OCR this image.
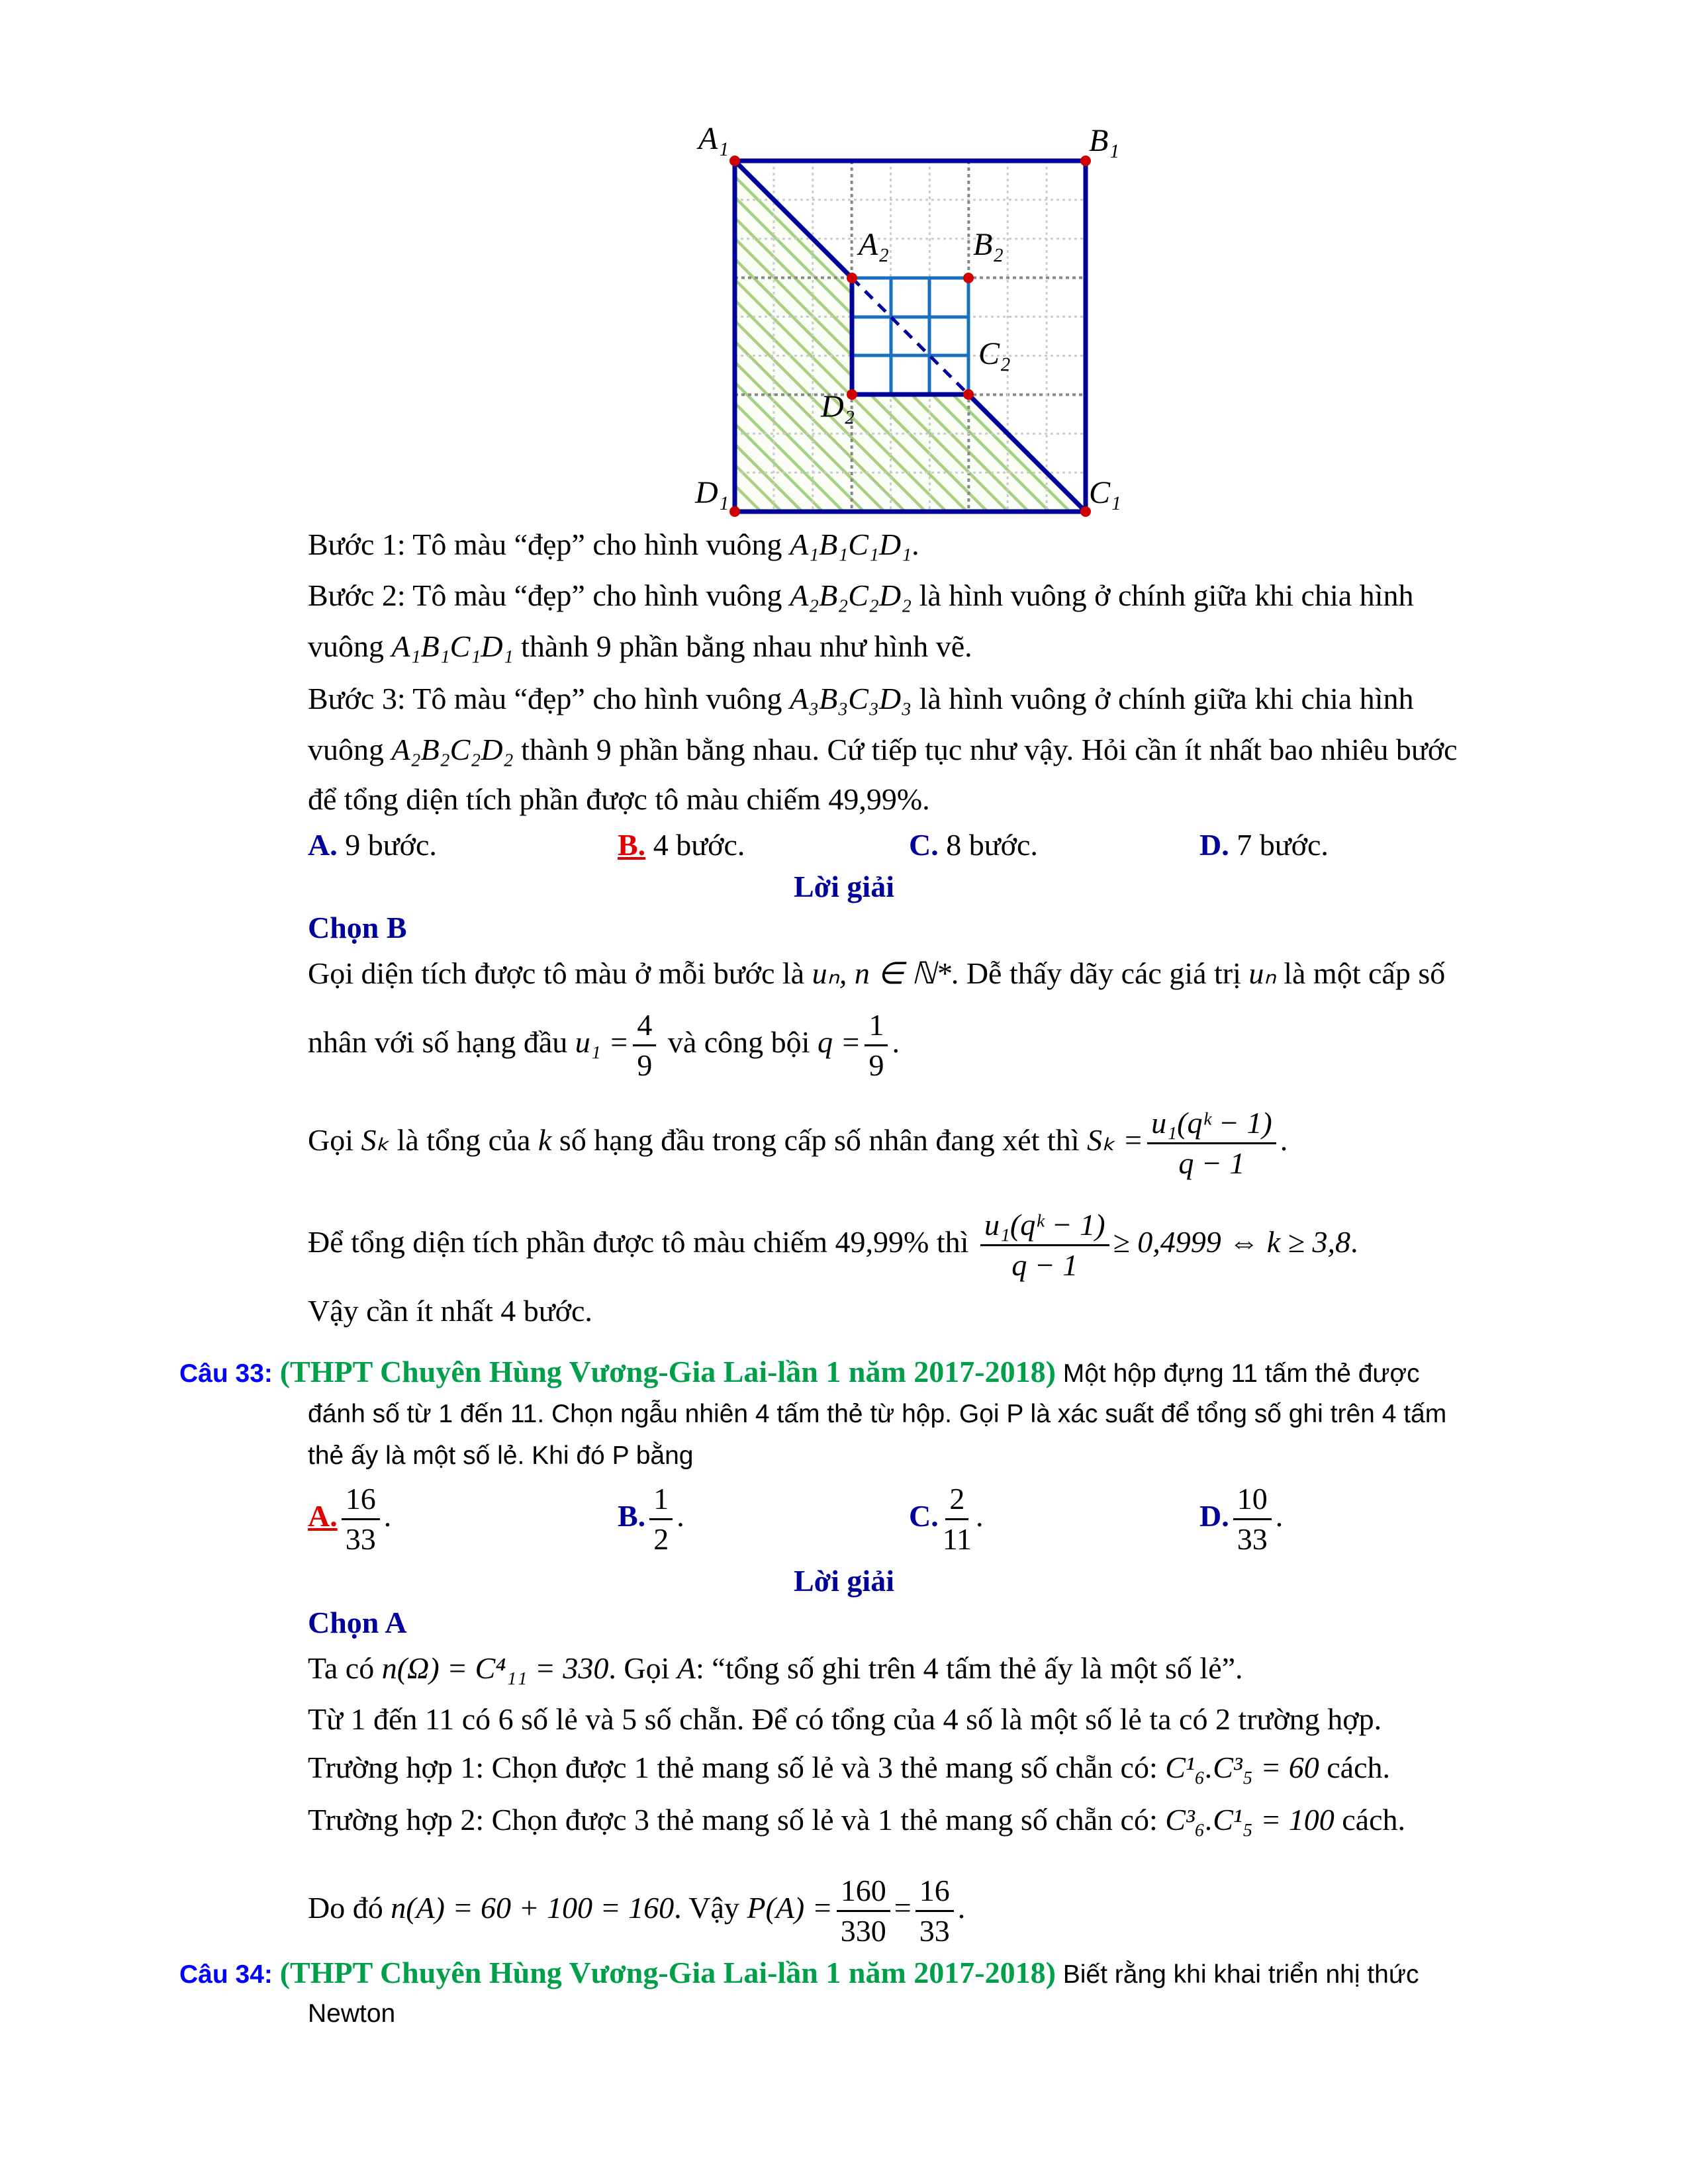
A₁	B₁
C₁
D₁
A₂	B₂
C₂
D₂
Bước 1: Tô màu “đẹp” cho hình vuông A₁B₁C₁D₁.
Bước 2: Tô màu “đẹp” cho hình vuông A₂B₂C₂D₂ là hình vuông ở chính giữa khi chia hình
vuông A₁B₁C₁D₁ thành 9 phần bằng nhau như hình vẽ.
Bước 3: Tô màu “đẹp” cho hình vuông A₃B₃C₃D₃ là hình vuông ở chính giữa khi chia hình
vuông A₂B₂C₂D₂ thành 9 phần bằng nhau. Cứ tiếp tục như vậy. Hỏi cần ít nhất bao nhiêu bước
để tổng diện tích phần được tô màu chiếm 49,99%.
A. 9 bước.	B. 4 bước.	C. 8 bước.	D. 7 bước.
Lời giải
Chọn B
Gọi diện tích được tô màu ở mỗi bước là uₙ, n ∈ ℕ*. Dễ thấy dãy các giá trị uₙ là một cấp số
nhân với số hạng đầu $u_1 = \frac{4}{9}$ và công bội $q = \frac{1}{9}$ .
Gọi Sₖ là tổng của k số hạng đầu trong cấp số nhân đang xét thì $S_k = \frac{\text{u₁(qᵏ − 1)}}{q - 1}$ .
Để tổng diện tích phần được tô màu chiếm 49,99% thì $\frac{\text{u₁(qᵏ − 1)}}{q - 1} \ge 0,4999$ ⇔ k ≥ 3,8.
Vậy cần ít nhất 4 bước.
Câu 33: (THPT Chuyên Hùng Vương-Gia Lai-lần 1 năm 2017-2018) Một hộp đựng 11 tấm thẻ được
đánh số từ 1 đến 11. Chọn ngẫu nhiên 4 tấm thẻ từ hộp. Gọi P là xác suất để tổng số ghi trên 4 tấm
thẻ ấy là một số lẻ. Khi đó P bằng
A. $\frac{16}{33}$ .	B. $\frac{1}{2}$ .	C. $\frac{2}{11}$ .	D. $\frac{10}{33}$ .
Lời giải
Chọn A
Ta có n(Ω) = C⁴₁₁ = 330. Gọi A: “tổng số ghi trên 4 tấm thẻ ấy là một số lẻ”.
Từ 1 đến 11 có 6 số lẻ và 5 số chẵn. Để có tổng của 4 số là một số lẻ ta có 2 trường hợp.
Trường hợp 1: Chọn được 1 thẻ mang số lẻ và 3 thẻ mang số chẵn có: C¹₆.C³₅ = 60 cách.
Trường hợp 2: Chọn được 3 thẻ mang số lẻ và 1 thẻ mang số chẵn có: C³₆.C¹₅ = 100 cách.
Do đó n(A) = 60 + 100 = 160. Vậy $P(A) = \frac{160}{330} = \frac{16}{33}$ .
Câu 34: (THPT Chuyên Hùng Vương-Gia Lai-lần 1 năm 2017-2018) Biết rằng khi khai triển nhị thức
Newton
